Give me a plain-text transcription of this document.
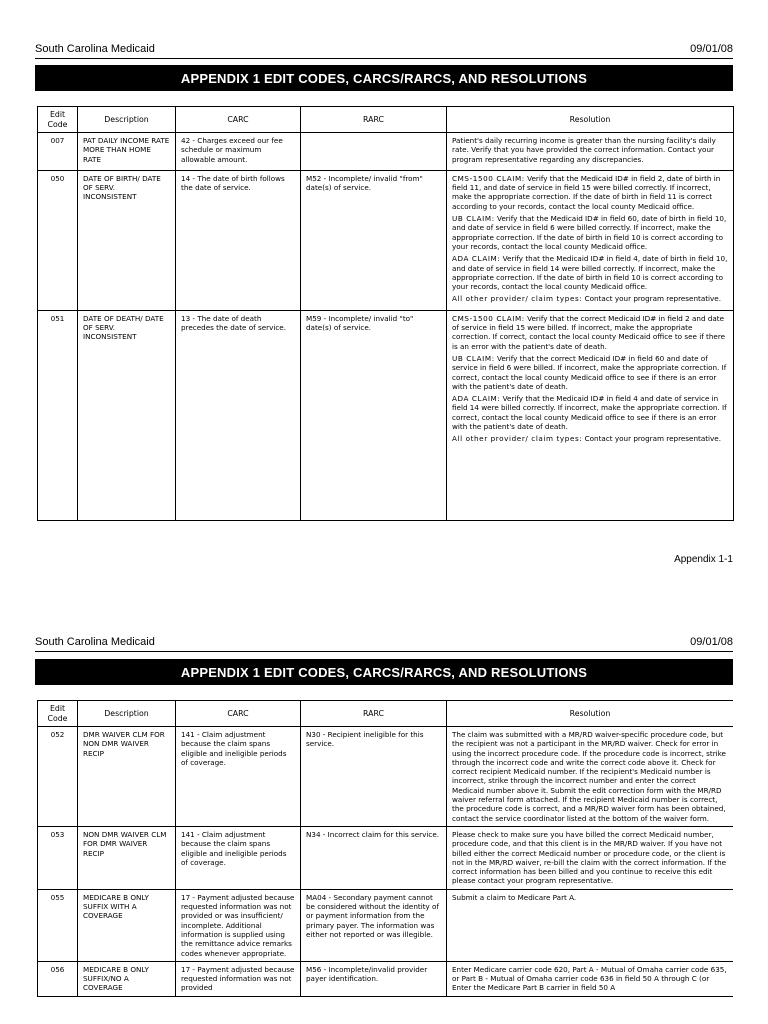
South Carolina Medicaid	09/01/08
APPENDIX 1 EDIT CODES, CARCS/RARCS, AND RESOLUTIONS
Edit Code	Description	CARC	RARC	Resolution
007	PAT DAILY INCOME RATE MORE THAN HOME RATE	42 - Charges exceed our fee schedule or maximum allowable amount.		Patient's daily recurring income is greater than the nursing facility's daily rate. Verify that you have provided the correct information. Contact your program representative regarding any discrepancies.

050	DATE OF BIRTH/ DATE OF SERV. INCONSISTENT	14 - The date of birth follows the date of service.	M52 - Incomplete/ invalid "from" date(s) of service.	CMS-1500 CLAIM: Verify that the Medicaid ID# in field 2, date of birth in field 11, and date of service in field 15 were billed correctly. If incorrect, make the appropriate correction. If the date of birth in field 11 is correct according to your records, contact the local county Medicaid office.
UB CLAIM: Verify that the Medicaid ID# in field 60, date of birth in field 10, and date of service in field 6 were billed correctly. If incorrect, make the appropriate correction. If the date of birth in field 10 is correct according to your records, contact the local county Medicaid office.
ADA CLAIM: Verify that the Medicaid ID# in field 4, date of birth in field 10, and date of service in field 14 were billed correctly. If incorrect, make the appropriate correction. If the date of birth in field 10 is correct according to your records, contact the local county Medicaid office.
All other provider/ claim types: Contact your program representative.

051	DATE OF DEATH/ DATE OF SERV. INCONSISTENT	13 - The date of death precedes the date of service.	M59 - Incomplete/ invalid "to" date(s) of service.	CMS-1500 CLAIM: Verify that the correct Medicaid ID# in field 2 and date of service in field 15 were billed. If incorrect, make the appropriate correction. If correct, contact the local county Medicaid office to see if there is an error with the patient's date of death.
UB CLAIM: Verify that the correct Medicaid ID# in field 60 and date of service in field 6 were billed. If incorrect, make the appropriate correction. If correct, contact the local county Medicaid office to see if there is an error with the patient's date of death.
ADA CLAIM: Verify that the Medicaid ID# in field 4 and date of service in field 14 were billed correctly. If incorrect, make the appropriate correction. If correct, contact the local county Medicaid office to see if there is an error with the patient's date of death.
All other provider/ claim types: Contact your program representative.
Appendix 1-1
South Carolina Medicaid	09/01/08
APPENDIX 1 EDIT CODES, CARCS/RARCS, AND RESOLUTIONS
Edit Code	Description	CARC	RARC	Resolution
052	DMR WAIVER CLM FOR NON DMR WAIVER RECIP	141 - Claim adjustment because the claim spans eligible and ineligible periods of coverage.	N30 - Recipient ineligible for this service.	The claim was submitted with a MR/RD waiver-specific procedure code, but the recipient was not a participant in the MR/RD waiver. Check for error in using the incorrect procedure code. If the procedure code is incorrect, strike through the incorrect code and write the correct code above it. Check for correct recipient Medicaid number. If the recipient's Medicaid number is incorrect, strike through the incorrect number and enter the correct Medicaid number above it. Submit the edit correction form with the MR/RD waiver referral form attached. If the recipient Medicaid number is correct, the procedure code is correct, and a MR/RD waiver form has been obtained, contact the service coordinator listed at the bottom of the waiver form.
053	NON DMR WAIVER CLM FOR DMR WAIVER RECIP	141 - Claim adjustment because the claim spans eligible and ineligible periods of coverage.	N34 - Incorrect claim for this service.	Please check to make sure you have billed the correct Medicaid number, procedure code, and that this client is in the MR/RD waiver. If you have not billed either the correct Medicaid number or procedure code, or the client is not in the MR/RD waiver, re-bill the claim with the correct information. If the correct information has been billed and you continue to receive this edit please contact your program representative.
055	MEDICARE B ONLY SUFFIX WITH A COVERAGE	17 - Payment adjusted because requested information was not provided or was insufficient/ incomplete. Additional information is supplied using the remittance advice remarks codes whenever appropriate.	MA04 - Secondary payment cannot be considered without the identity of or payment information from the primary payer. The information was either not reported or was illegible.	Submit a claim to Medicare Part A.
056	MEDICARE B ONLY SUFFIX/NO A COVERAGE	17 - Payment adjusted because requested information was not provided	M56 - Incomplete/invalid provider payer identification.	Enter Medicare carrier code 620, Part A - Mutual of Omaha carrier code 635, or Part B - Mutual of Omaha carrier code 636 in field 50 A through C (or Enter the Medicare Part B carrier in field 50 A
